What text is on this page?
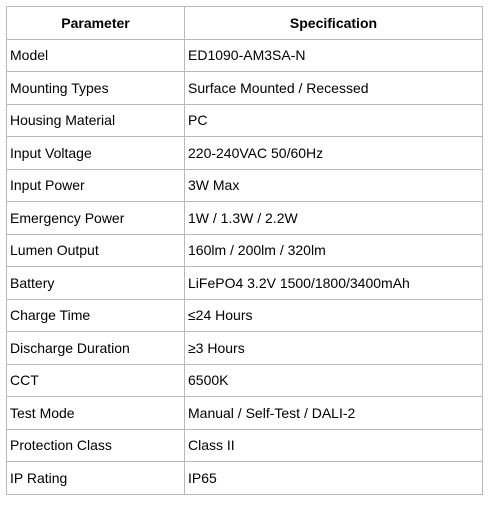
Parameter	Specification
Model	ED1090-AM3SA-N
Mounting Types	Surface Mounted / Recessed
Housing Material	PC
Input Voltage	220-240VAC 50/60Hz
Input Power	3W Max
Emergency Power	1W / 1.3W / 2.2W
Lumen Output	160lm / 200lm / 320lm
Battery	LiFePO4 3.2V 1500/1800/3400mAh
Charge Time	≤24 Hours
Discharge Duration	≥3 Hours
CCT	6500K
Test Mode	Manual / Self-Test / DALI-2
Protection Class	Class II
IP Rating	IP65
